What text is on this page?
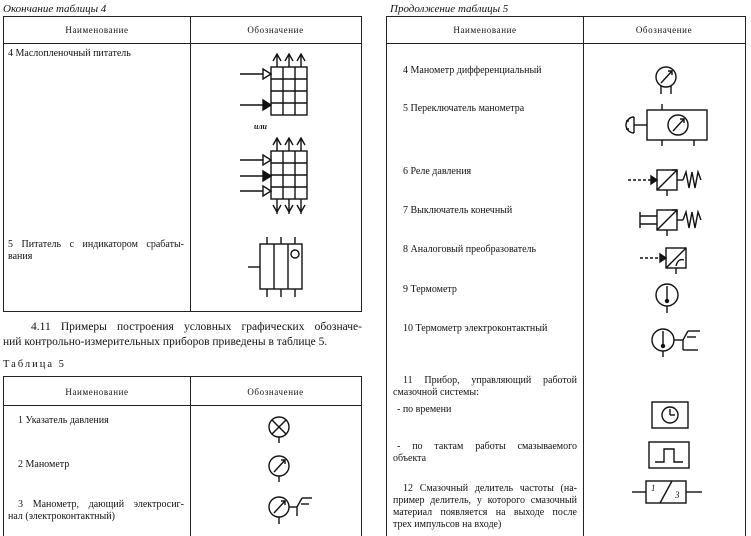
Окончание таблицы 4
Наименование	Обозначение
4 Маслопленочный питатель
5 Питатель с индикатором срабаты-
вания
или
4.11 Примеры построения условных графических обозначе-
ний контрольно-измерительных приборов приведены в таблице 5.
Таблица 5
Наименование	Обозначение
1 Указатель давления
2 Манометр
3 Манометр, дающий электросиг-
нал (электроконтактный)
Продолжение таблицы 5
Наименование	Обозначение
4 Манометр дифференциальный
5 Переключатель манометра
6 Реле давления
7 Выключатель конечный
8 Аналоговый преобразователь
9 Термометр
10 Термометр электроконтактный
11 Прибор, управляющий работой
смазочной системы:
- по времени
- по тактам работы смазываемого
объекта
12 Смазочный делитель частоты (на-
пример делитель, у которого смазочный
материал появляется на выходе после
трех импульсов на входе)
1
3
